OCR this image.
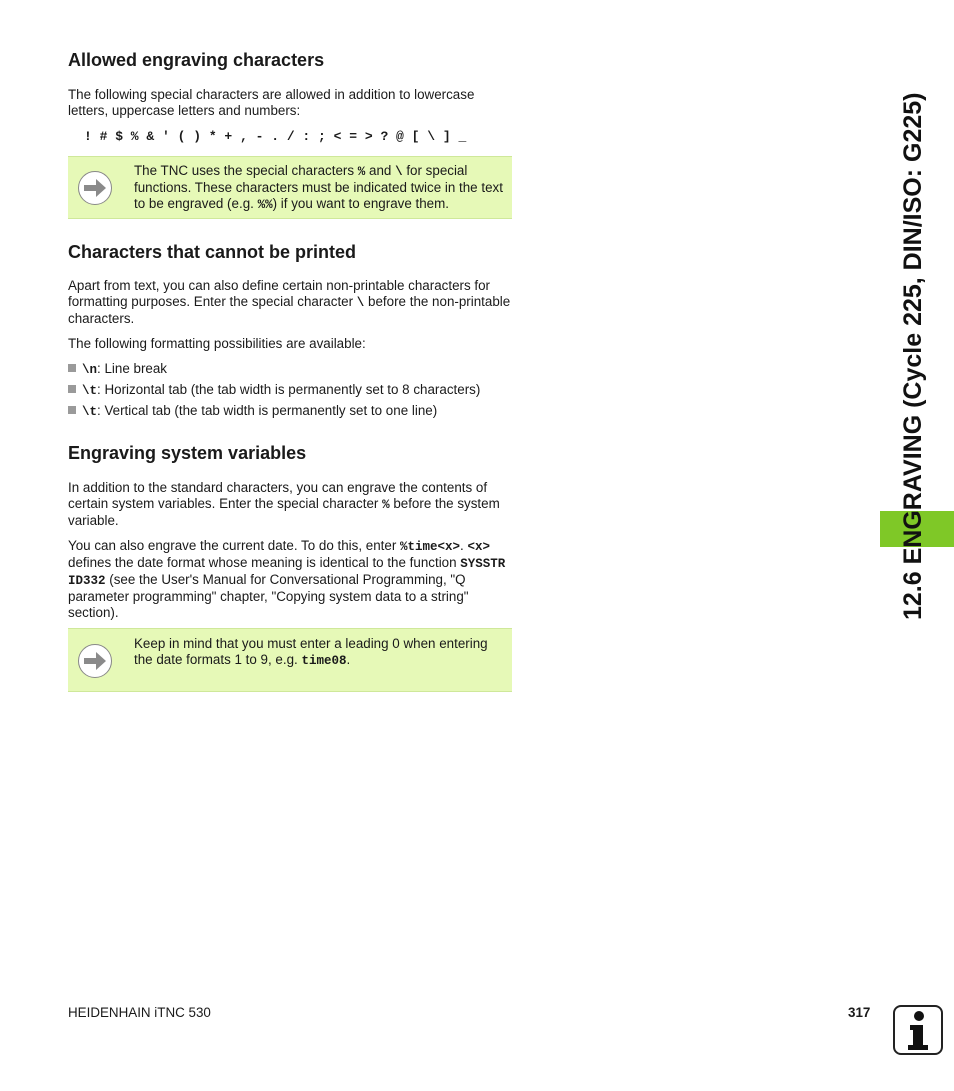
Allowed engraving characters

The following special characters are allowed in addition to lowercase letters, uppercase letters and numbers:

! # $ % & ' ( ) * + , - . / : ; < = > ? @ [ \ ] _
The TNC uses the special characters % and \ for special functions. These characters must be indicated twice in the text to be engraved (e.g. %%) if you want to engrave them.
Characters that cannot be printed

Apart from text, you can also define certain non-printable characters for formatting purposes. Enter the special character \ before the non-printable characters.

The following formatting possibilities are available:

\n: Line break
\t: Horizontal tab (the tab width is permanently set to 8 characters)
\t: Vertical tab (the tab width is permanently set to one line)
Engraving system variables

In addition to the standard characters, you can engrave the contents of certain system variables. Enter the special character % before the system variable.

You can also engrave the current date. To do this, enter %time<x>. <x> defines the date format whose meaning is identical to the function SYSSTR ID332 (see the User's Manual for Conversational Programming, "Q parameter programming" chapter, "Copying system data to a string" section).

Keep in mind that you must enter a leading 0 when entering the date formats 1 to 9, e.g. time08.
12.6 ENGRAVING (Cycle 225, DIN/ISO: G225)
HEIDENHAIN iTNC 530	317
